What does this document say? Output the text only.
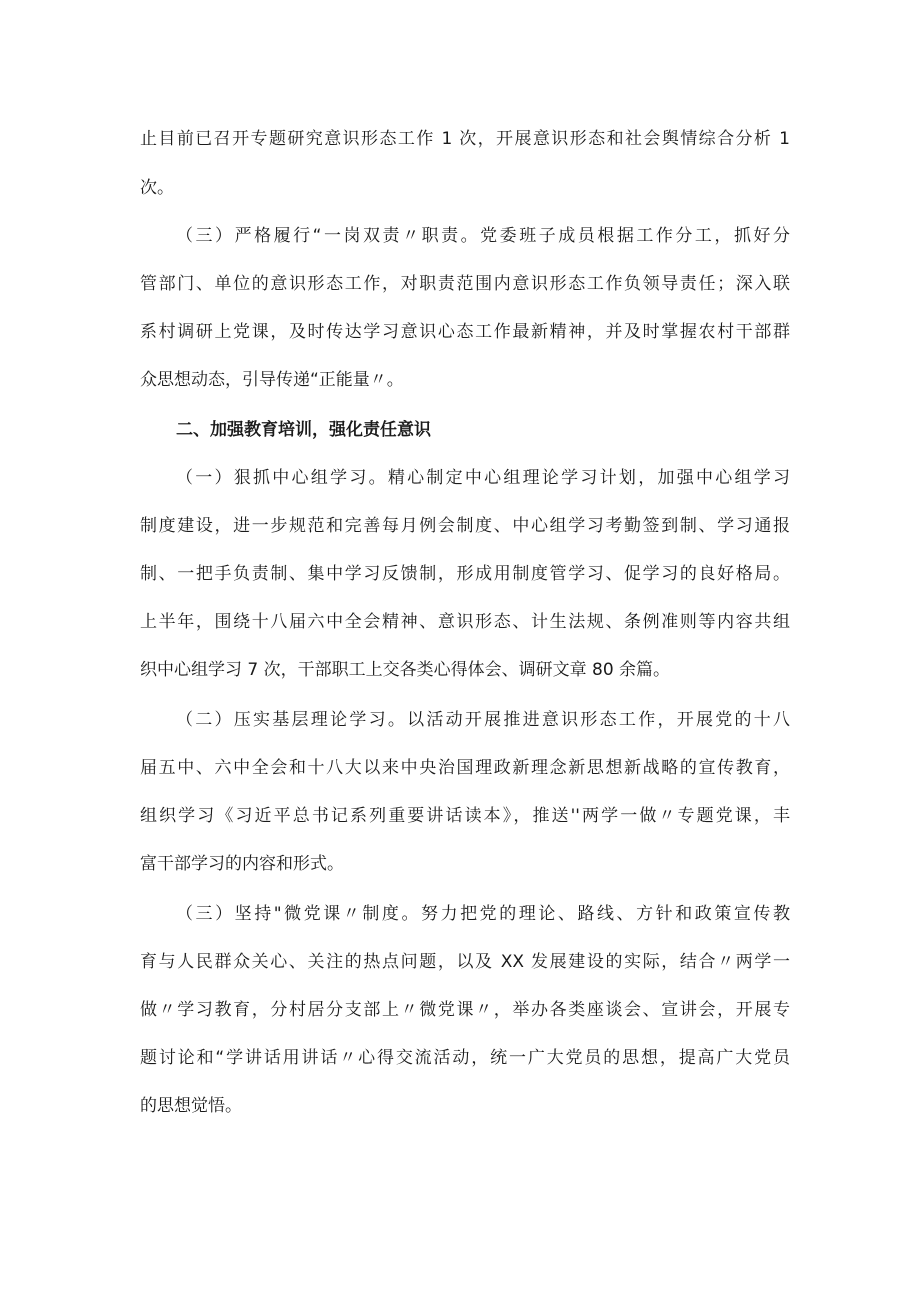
止目前已召开专题研究意识形态工作 1 次，开展意识形态和社会舆情综合分析 1

次。

（三）严格履行“一岗双责〃职责。党委班子成员根据工作分工，抓好分

管部门、单位的意识形态工作，对职责范围内意识形态工作负领导责任；深入联

系村调研上党课，及时传达学习意识心态工作最新精神，并及时掌握农村干部群

众思想动态，引导传递“正能量〃。

二、加强教育培训，强化责任意识

（一）狠抓中心组学习。精心制定中心组理论学习计划，加强中心组学习

制度建设，进一步规范和完善每月例会制度、中心组学习考勤签到制、学习通报

制、一把手负责制、集中学习反馈制，形成用制度管学习、促学习的良好格局。

上半年，围绕十八届六中全会精神、意识形态、计生法规、条例准则等内容共组

织中心组学习 7 次，干部职工上交各类心得体会、调研文章 80 余篇。

（二）压实基层理论学习。以活动开展推进意识形态工作，开展党的十八

届五中、六中全会和十八大以来中央治国理政新理念新思想新战略的宣传教育，

组织学习《习近平总书记系列重要讲话读本》，推送''两学一做〃专题党课，丰

富干部学习的内容和形式。

（三）坚持"微党课〃制度。努力把党的理论、路线、方针和政策宣传教

育与人民群众关心、关注的热点问题，以及 XX 发展建设的实际，结合〃两学一

做〃学习教育，分村居分支部上〃微党课〃，举办各类座谈会、宣讲会，开展专

题讨论和“学讲话用讲话〃心得交流活动，统一广大党员的思想，提高广大党员

的思想觉悟。
